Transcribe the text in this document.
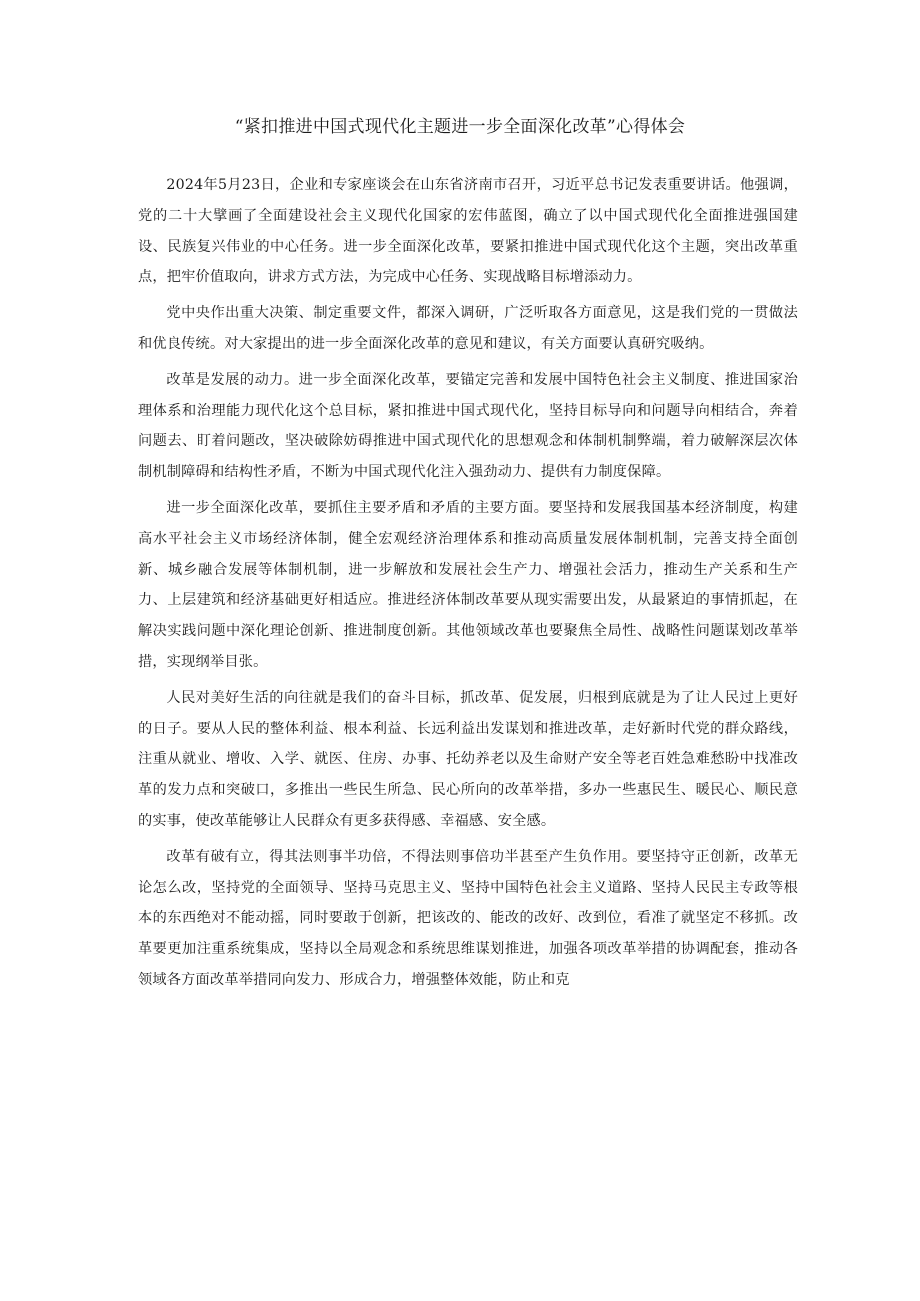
“紧扣推进中国式现代化主题进一步全面深化改革”心得体会

2024年5月23日，企业和专家座谈会在山东省济南市召开，习近平总书记发表重要讲话。他强调，党的二十大擘画了全面建设社会主义现代化国家的宏伟蓝图，确立了以中国式现代化全面推进强国建设、民族复兴伟业的中心任务。进一步全面深化改革，要紧扣推进中国式现代化这个主题，突出改革重点，把牢价值取向，讲求方式方法，为完成中心任务、实现战略目标增添动力。

党中央作出重大决策、制定重要文件，都深入调研，广泛听取各方面意见，这是我们党的一贯做法和优良传统。对大家提出的进一步全面深化改革的意见和建议，有关方面要认真研究吸纳。

改革是发展的动力。进一步全面深化改革，要锚定完善和发展中国特色社会主义制度、推进国家治理体系和治理能力现代化这个总目标，紧扣推进中国式现代化，坚持目标导向和问题导向相结合，奔着问题去、盯着问题改，坚决破除妨碍推进中国式现代化的思想观念和体制机制弊端，着力破解深层次体制机制障碍和结构性矛盾，不断为中国式现代化注入强劲动力、提供有力制度保障。

进一步全面深化改革，要抓住主要矛盾和矛盾的主要方面。要坚持和发展我国基本经济制度，构建高水平社会主义市场经济体制，健全宏观经济治理体系和推动高质量发展体制机制，完善支持全面创新、城乡融合发展等体制机制，进一步解放和发展社会生产力、增强社会活力，推动生产关系和生产力、上层建筑和经济基础更好相适应。推进经济体制改革要从现实需要出发，从最紧迫的事情抓起，在解决实践问题中深化理论创新、推进制度创新。其他领域改革也要聚焦全局性、战略性问题谋划改革举措，实现纲举目张。

人民对美好生活的向往就是我们的奋斗目标，抓改革、促发展，归根到底就是为了让人民过上更好的日子。要从人民的整体利益、根本利益、长远利益出发谋划和推进改革，走好新时代党的群众路线，注重从就业、增收、入学、就医、住房、办事、托幼养老以及生命财产安全等老百姓急难愁盼中找准改革的发力点和突破口，多推出一些民生所急、民心所向的改革举措，多办一些惠民生、暖民心、顺民意的实事，使改革能够让人民群众有更多获得感、幸福感、安全感。

改革有破有立，得其法则事半功倍，不得法则事倍功半甚至产生负作用。要坚持守正创新，改革无论怎么改，坚持党的全面领导、坚持马克思主义、坚持中国特色社会主义道路、坚持人民民主专政等根本的东西绝对不能动摇，同时要敢于创新，把该改的、能改的改好、改到位，看准了就坚定不移抓。改革要更加注重系统集成，坚持以全局观念和系统思维谋划推进，加强各项改革举措的协调配套，推动各领域各方面改革举措同向发力、形成合力，增强整体效能，防止和克
